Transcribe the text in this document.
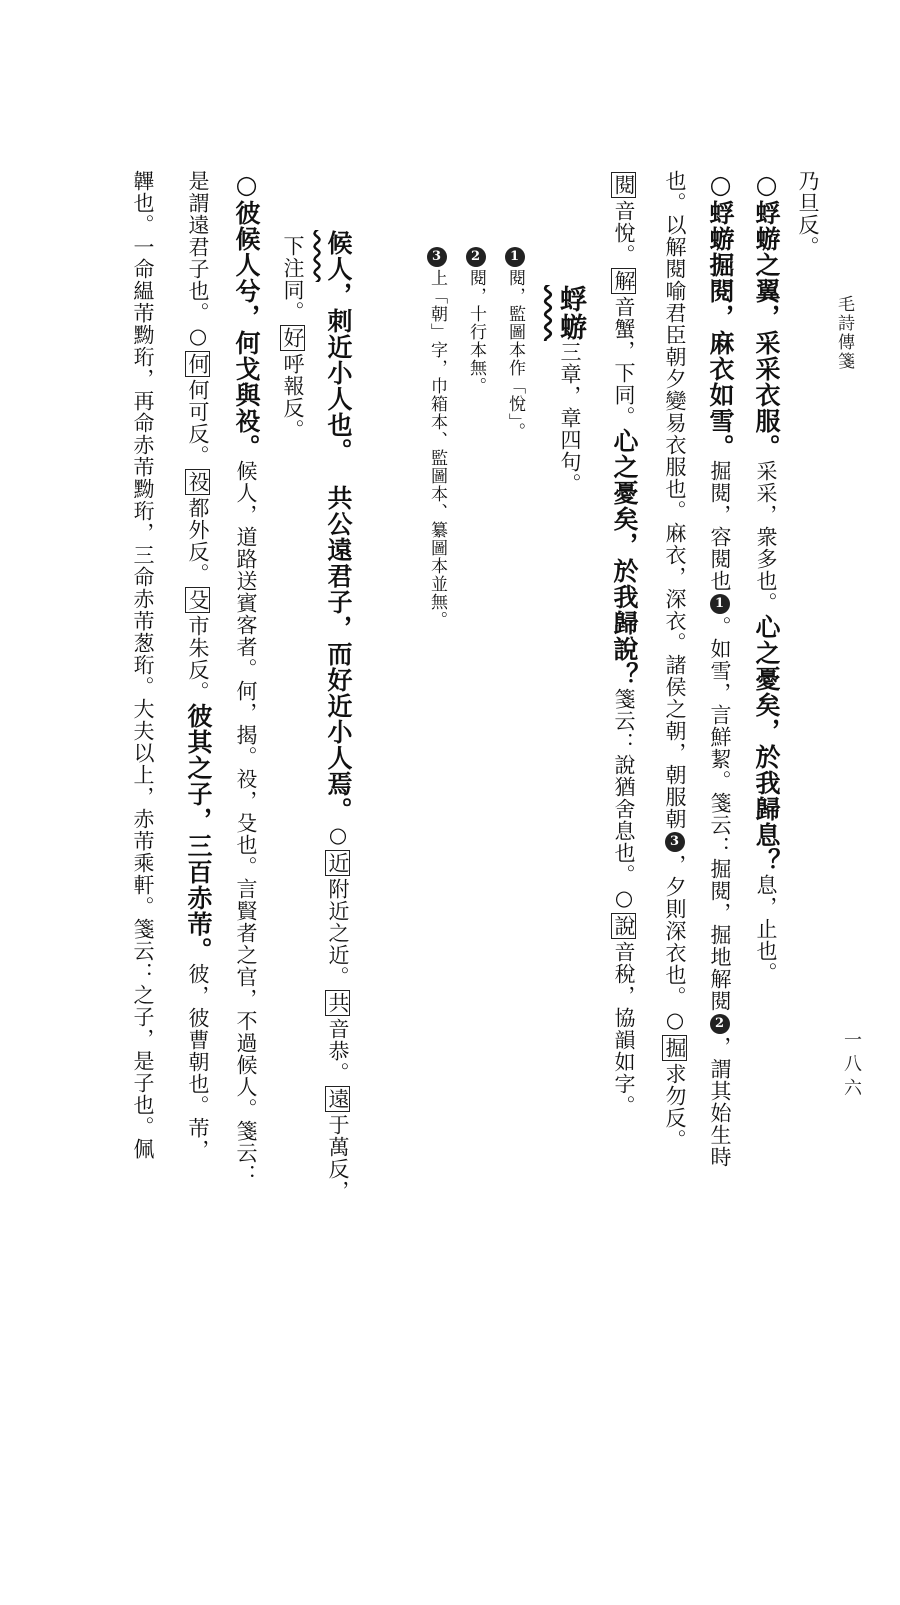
毛詩傳箋
一八六
乃旦反。
○蜉蝣之翼，采采衣服。采采，衆多也。心之憂矣，於我歸息？息，止也。
○蜉蝣掘閱，麻衣如雪。掘閱，容閱也1。如雪，言鮮絜。箋云：掘閱，掘地解閱2，謂其始生時
也。以解閱喻君臣朝夕變易衣服也。麻衣，深衣。諸侯之朝，朝服朝3，夕則深衣也。○掘求勿反。
閱音悅。解音蟹，下同。心之憂矣，於我歸說？箋云：說猶舍息也。○說音稅，協韻如字。
蜉蝣三章，章四句。
1閱，監圖本作「悅」。
2閱，十行本無。
3上「朝」字，巾箱本、監圖本、纂圖本並無。
候人，刺近小人也。
共公遠君子，而好近小人焉。○近附近之近。共音恭。遠于萬反，
下注同。好呼報反。
○彼候人兮，何戈與祋。候人，道路送賓客者。何，揭。祋，殳也。言賢者之官，不過候人。箋云：
是謂遠君子也。○何何可反。祋都外反。殳市朱反。彼其之子，三百赤芾。彼，彼曹朝也。芾，
韠也。一命緼芾黝珩，再命赤芾黝珩，三命赤芾葱珩。大夫以上，赤芾乘軒。箋云：之子，是子也。佩
